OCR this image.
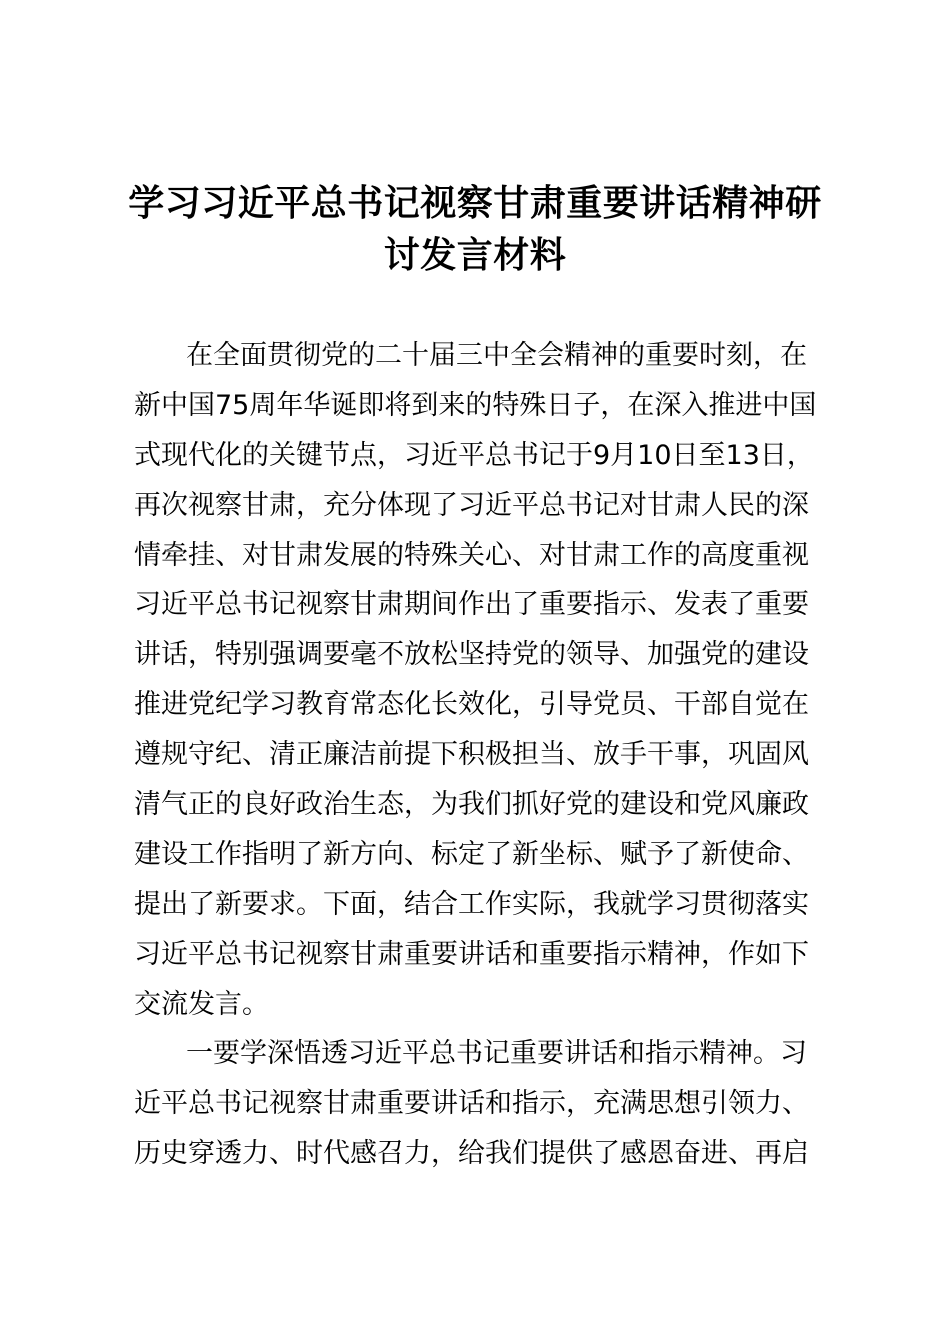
学习习近平总书记视察甘肃重要讲话精神研
讨发言材料
在全面贯彻党的二十届三中全会精神的重要时刻，在
新中国75周年华诞即将到来的特殊日子，在深入推进中国
式现代化的关键节点，习近平总书记于9月10日至13日，
再次视察甘肃，充分体现了习近平总书记对甘肃人民的深
情牵挂、对甘肃发展的特殊关心、对甘肃工作的高度重视
习近平总书记视察甘肃期间作出了重要指示、发表了重要
讲话，特别强调要毫不放松坚持党的领导、加强党的建设
推进党纪学习教育常态化长效化，引导党员、干部自觉在
遵规守纪、清正廉洁前提下积极担当、放手干事，巩固风
清气正的良好政治生态，为我们抓好党的建设和党风廉政
建设工作指明了新方向、标定了新坐标、赋予了新使命、
提出了新要求。下面，结合工作实际，我就学习贯彻落实
习近平总书记视察甘肃重要讲话和重要指示精神，作如下
交流发言。
一要学深悟透习近平总书记重要讲话和指示精神。习
近平总书记视察甘肃重要讲话和指示，充满思想引领力、
历史穿透力、时代感召力，给我们提供了感恩奋进、再启
